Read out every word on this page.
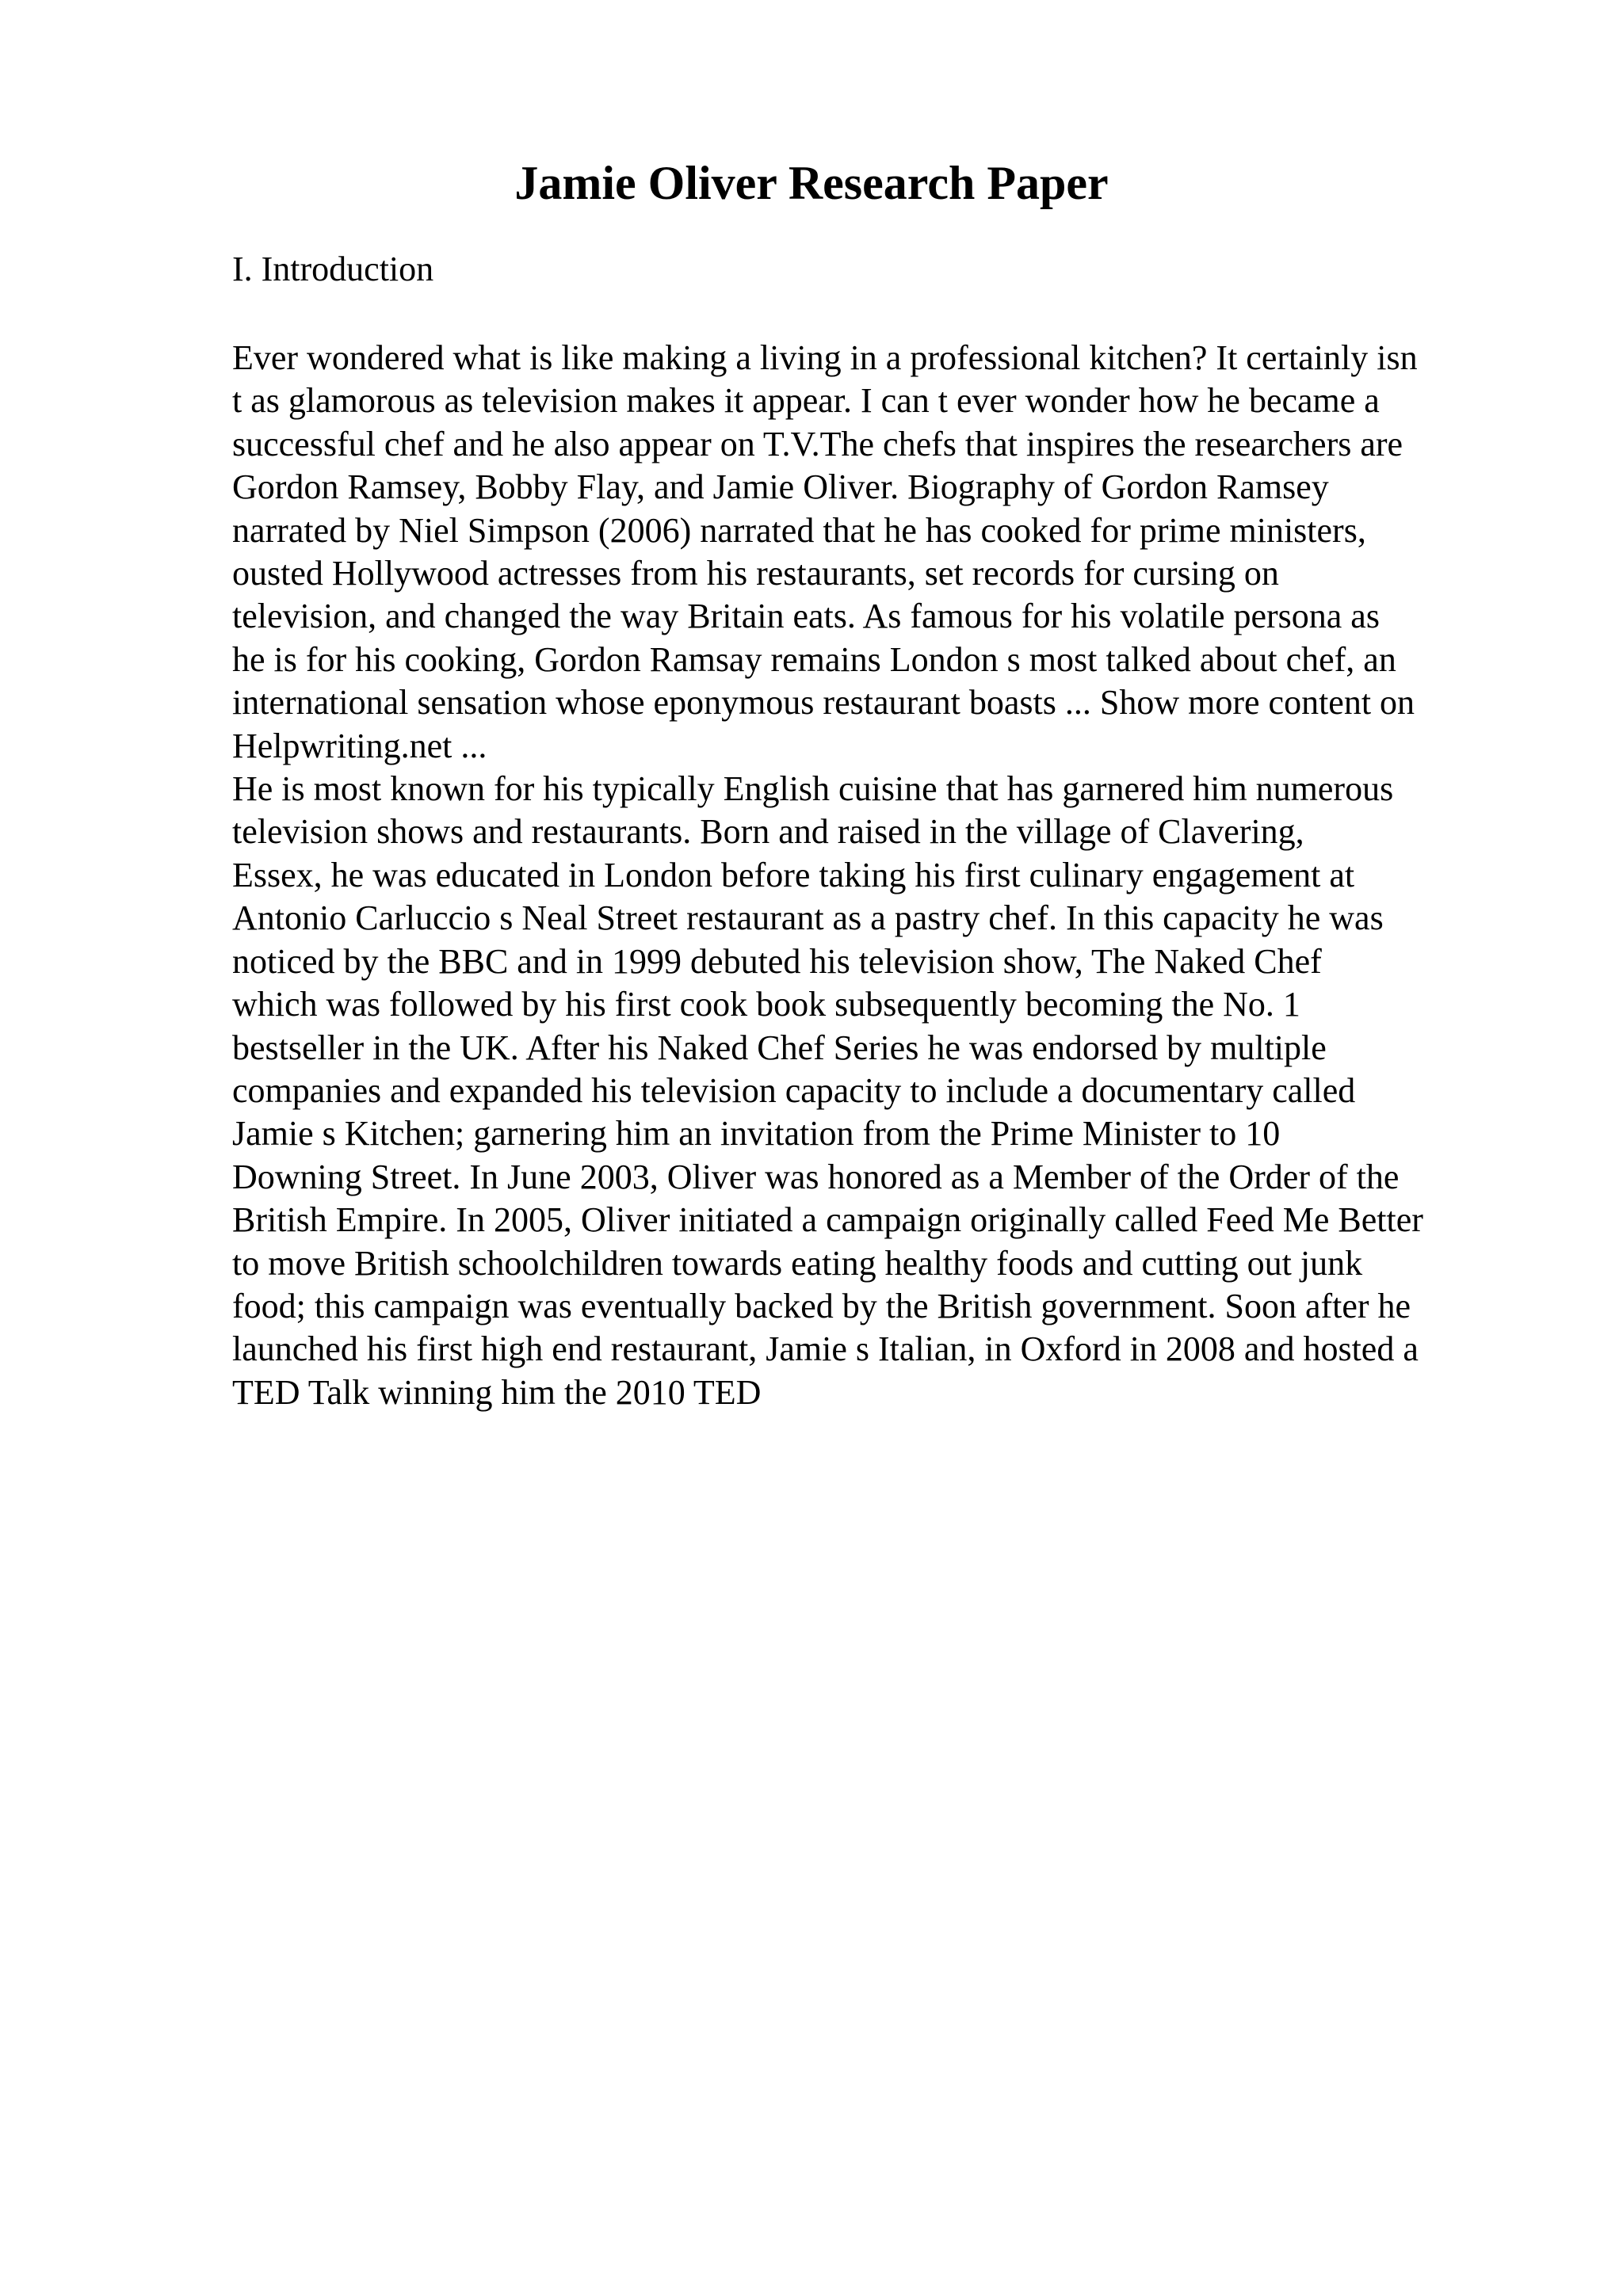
Jamie Oliver Research Paper
I. Introduction
Ever wondered what is like making a living in a professional kitchen? It certainly isn
t as glamorous as television makes it appear. I can t ever wonder how he became a
successful chef and he also appear on T.V.The chefs that inspires the researchers are
Gordon Ramsey, Bobby Flay, and Jamie Oliver. Biography of Gordon Ramsey
narrated by Niel Simpson (2006) narrated that he has cooked for prime ministers,
ousted Hollywood actresses from his restaurants, set records for cursing on
television, and changed the way Britain eats. As famous for his volatile persona as
he is for his cooking, Gordon Ramsay remains London s most talked about chef, an
international sensation whose eponymous restaurant boasts ... Show more content on
Helpwriting.net ...
He is most known for his typically English cuisine that has garnered him numerous
television shows and restaurants. Born and raised in the village of Clavering,
Essex, he was educated in London before taking his first culinary engagement at
Antonio Carluccio s Neal Street restaurant as a pastry chef. In this capacity he was
noticed by the BBC and in 1999 debuted his television show, The Naked Chef
which was followed by his first cook book subsequently becoming the No. 1
bestseller in the UK. After his Naked Chef Series he was endorsed by multiple
companies and expanded his television capacity to include a documentary called
Jamie s Kitchen; garnering him an invitation from the Prime Minister to 10
Downing Street. In June 2003, Oliver was honored as a Member of the Order of the
British Empire. In 2005, Oliver initiated a campaign originally called Feed Me Better
to move British schoolchildren towards eating healthy foods and cutting out junk
food; this campaign was eventually backed by the British government. Soon after he
launched his first high end restaurant, Jamie s Italian, in Oxford in 2008 and hosted a
TED Talk winning him the 2010 TED
